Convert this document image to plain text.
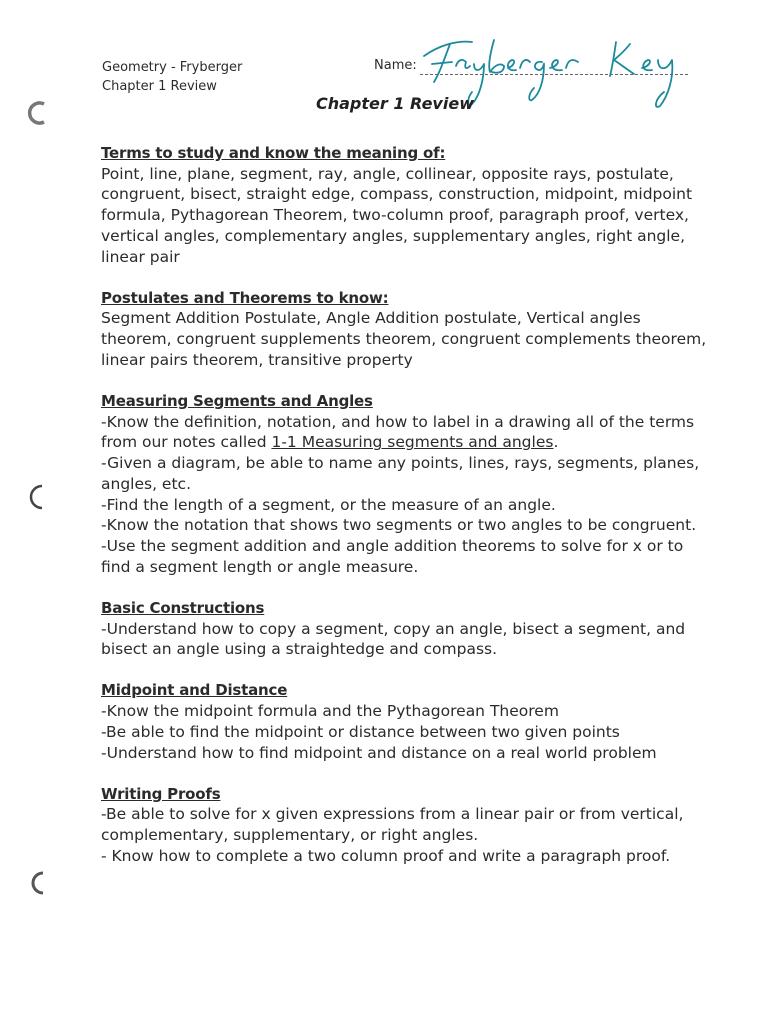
Geometry - Fryberger
Chapter 1 Review
Name:
Chapter 1 Review
Terms to study and know the meaning of:

Point, line, plane, segment, ray, angle, collinear, opposite rays, postulate, congruent, bisect, straight edge, compass, construction, midpoint, midpoint formula, Pythagorean Theorem, two-column proof, paragraph proof, vertex, vertical angles, complementary angles, supplementary angles, right angle, linear pair

Postulates and Theorems to know:

Segment Addition Postulate, Angle Addition postulate, Vertical angles theorem, congruent supplements theorem, congruent complements theorem, linear pairs theorem, transitive property

Measuring Segments and Angles

-Know the definition, notation, and how to label in a drawing all of the terms from our notes called 1-1 Measuring segments and angles.

-Given a diagram, be able to name any points, lines, rays, segments, planes, angles, etc.

-Find the length of a segment, or the measure of an angle.

-Know the notation that shows two segments or two angles to be congruent.

-Use the segment addition and angle addition theorems to solve for x or to find a segment length or angle measure.

Basic Constructions

-Understand how to copy a segment, copy an angle, bisect a segment, and bisect an angle using a straightedge and compass.

Midpoint and Distance

-Know the midpoint formula and the Pythagorean Theorem

-Be able to find the midpoint or distance between two given points

-Understand how to find midpoint and distance on a real world problem

Writing Proofs

-Be able to solve for x given expressions from a linear pair or from vertical, complementary, supplementary, or right angles.

- Know how to complete a two column proof and write a paragraph proof.
